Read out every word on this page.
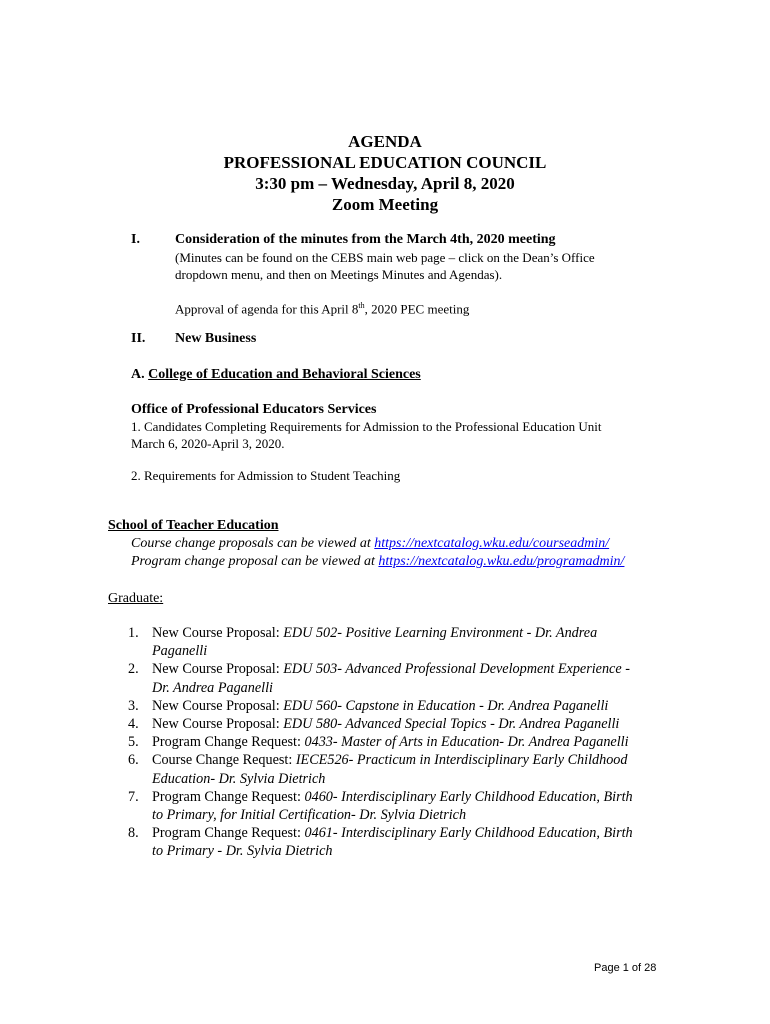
AGENDA
PROFESSIONAL EDUCATION COUNCIL
3:30 pm – Wednesday, April 8, 2020
Zoom Meeting
I.	Consideration of the minutes from the March 4th, 2020 meeting
(Minutes can be found on the CEBS main web page – click on the Dean’s Office
dropdown menu, and then on Meetings Minutes and Agendas).
Approval of agenda for this April 8th, 2020 PEC meeting
II. New Business
A. College of Education and Behavioral Sciences
Office of Professional Educators Services
1. Candidates Completing Requirements for Admission to the Professional Education Unit
March 6, 2020-April 3, 2020.
2. Requirements for Admission to Student Teaching
School of Teacher Education
Course change proposals can be viewed at https://nextcatalog.wku.edu/courseadmin/
Program change proposal can be viewed at https://nextcatalog.wku.edu/programadmin/
Graduate:
1. New Course Proposal: EDU 502- Positive Learning Environment - Dr. Andrea
Paganelli
2. New Course Proposal: EDU 503- Advanced Professional Development Experience -
Dr. Andrea Paganelli
3. New Course Proposal: EDU 560- Capstone in Education - Dr. Andrea Paganelli
4. New Course Proposal: EDU 580- Advanced Special Topics - Dr. Andrea Paganelli
5. Program Change Request: 0433- Master of Arts in Education- Dr. Andrea Paganelli
6. Course Change Request: IECE526- Practicum in Interdisciplinary Early Childhood
Education- Dr. Sylvia Dietrich
7. Program Change Request: 0460- Interdisciplinary Early Childhood Education, Birth
to Primary, for Initial Certification- Dr. Sylvia Dietrich
8. Program Change Request: 0461- Interdisciplinary Early Childhood Education, Birth
to Primary - Dr. Sylvia Dietrich
Page 1 of 28
